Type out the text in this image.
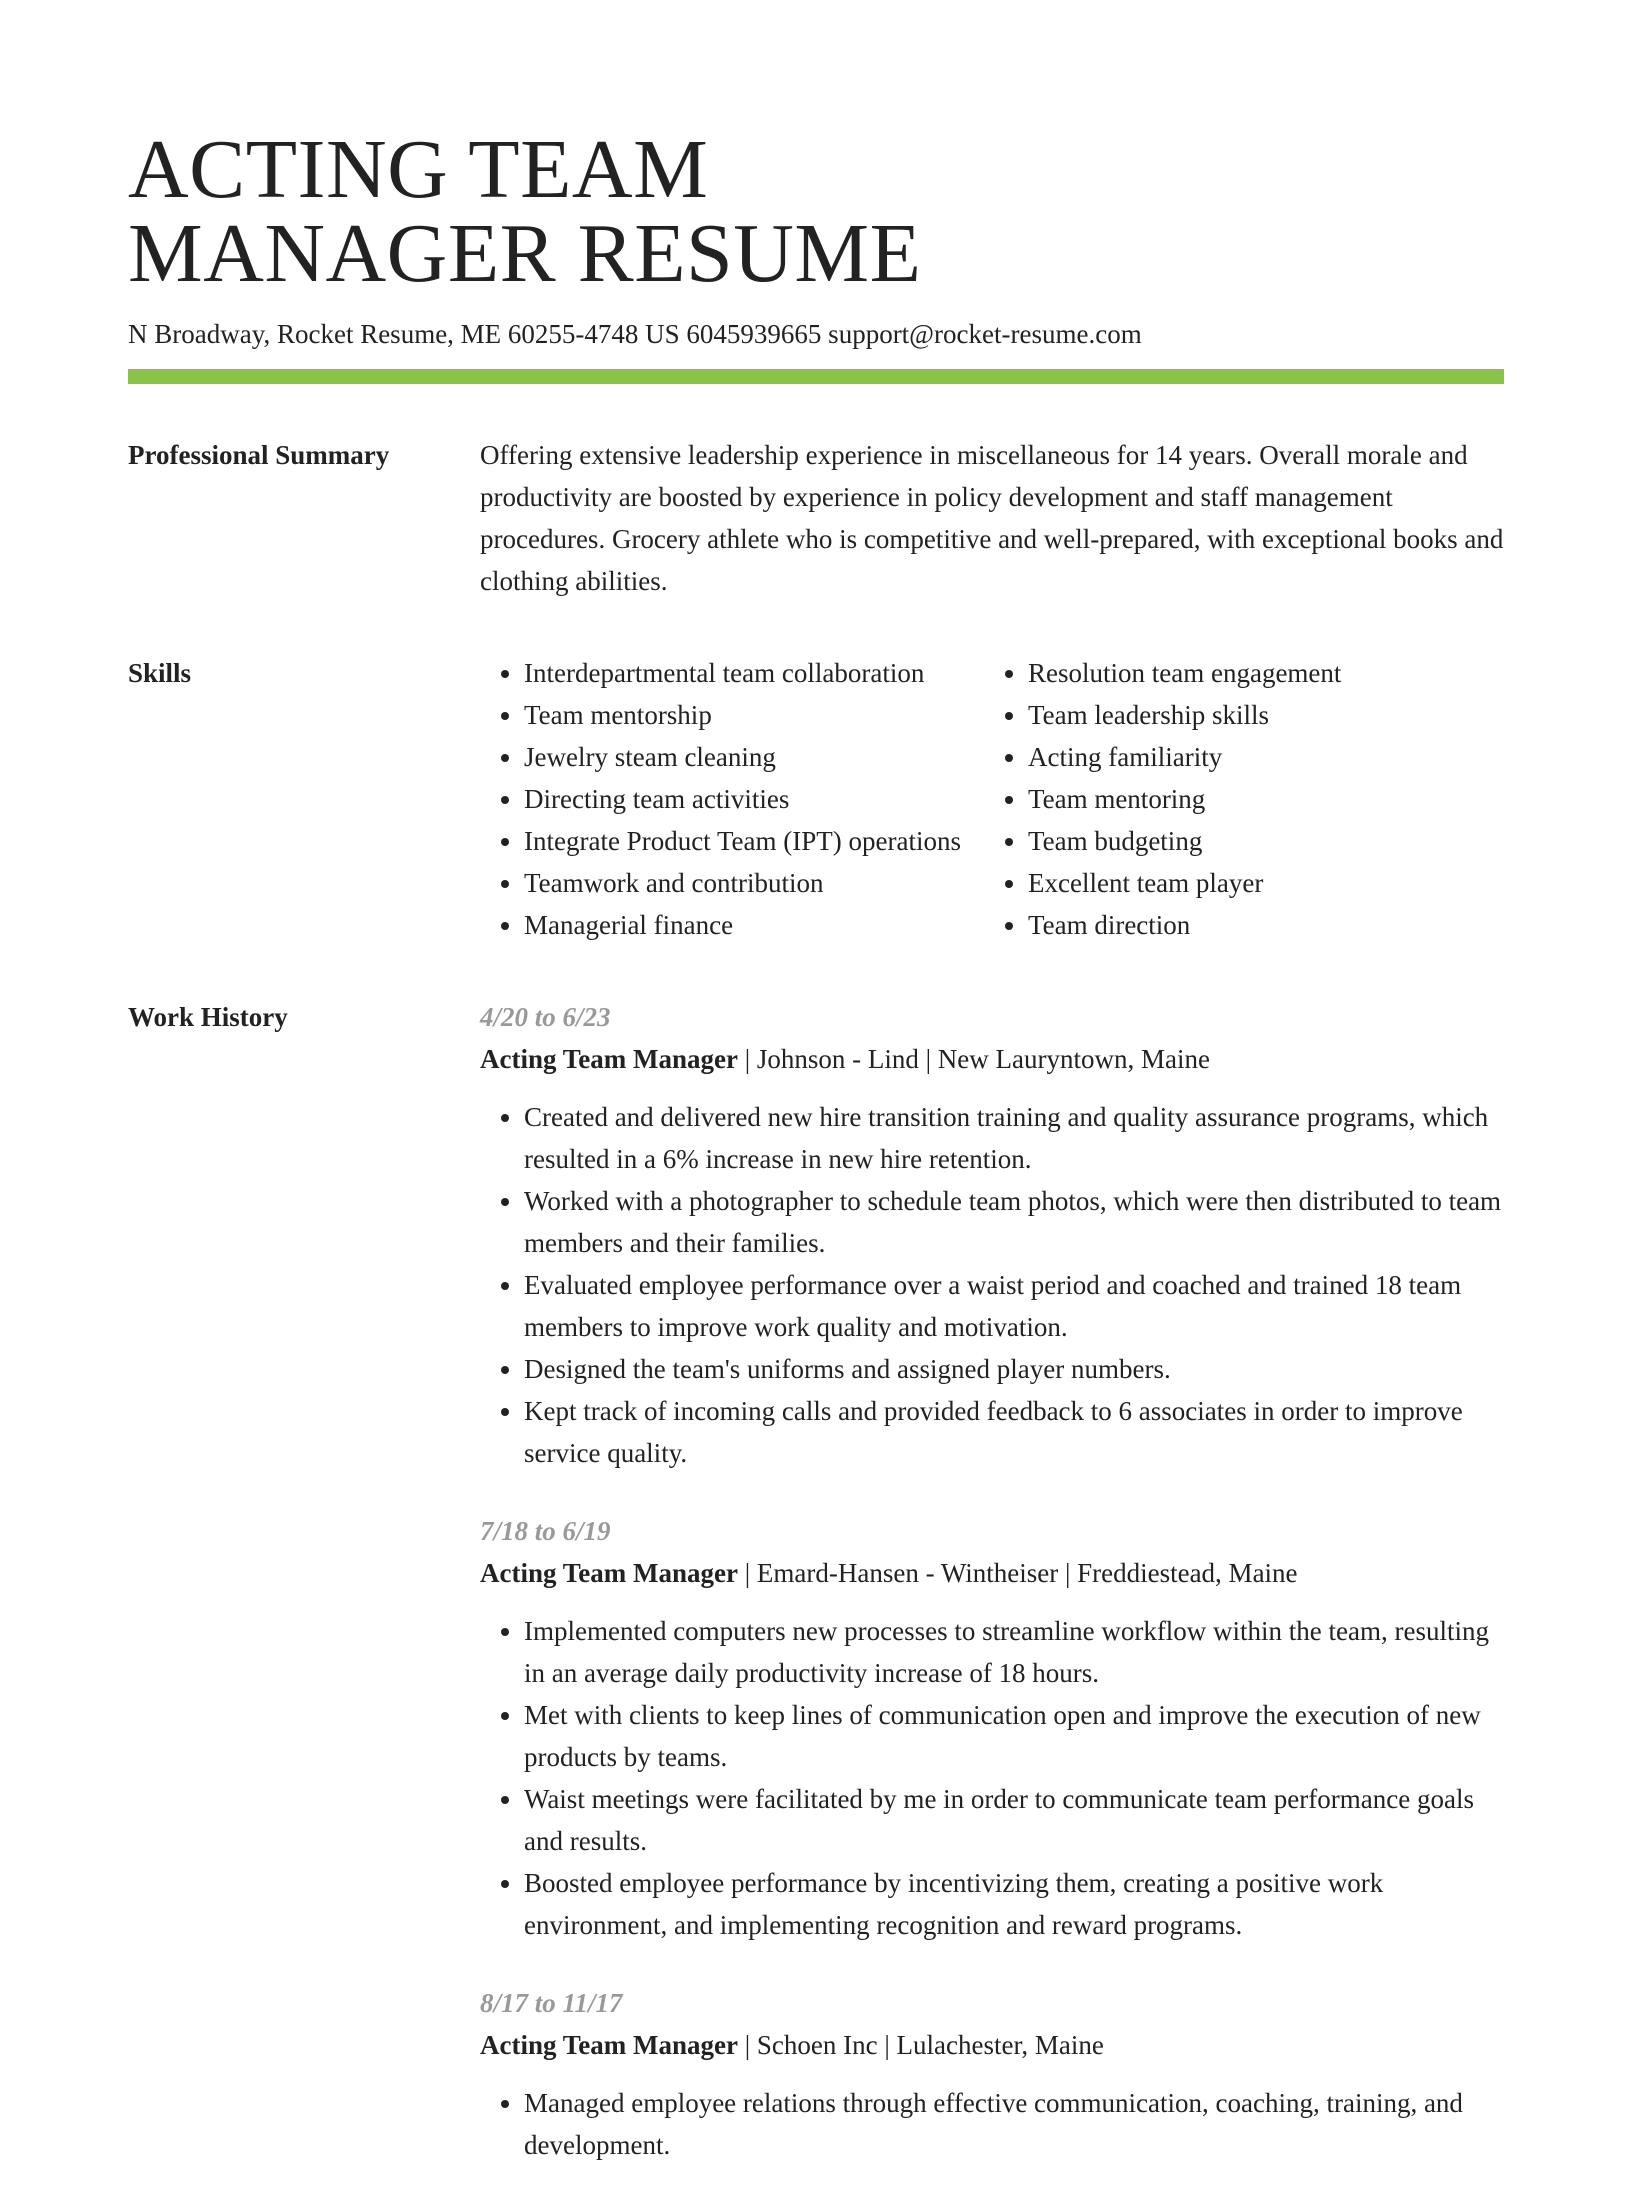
ACTING TEAM
MANAGER RESUME
N Broadway, Rocket Resume, ME 60255-4748 US 6045939665 support@rocket-resume.com
Professional Summary	Offering extensive leadership experience in miscellaneous for 14 years. Overall morale and productivity are boosted by experience in policy development and staff management procedures. Grocery athlete who is competitive and well-prepared, with exceptional books and clothing abilities.

Skills
•	Interdepartmental team collaboration
• Team mentorship
• Jewelry steam cleaning
• Directing team activities
• Integrate Product Team (IPT) operations
• Teamwork and contribution
• Managerial finance
• Resolution team engagement
• Team leadership skills
• Acting familiarity
• Team mentoring
• Team budgeting
• Excellent team player
• Team direction
Work History	4/20 to 6/23
Acting Team Manager | Johnson - Lind | New Lauryntown, Maine
• Created and delivered new hire transition training and quality assurance programs, which resulted in a 6% increase in new hire retention.
• Worked with a photographer to schedule team photos, which were then distributed to team members and their families.
• Evaluated employee performance over a waist period and coached and trained 18 team members to improve work quality and motivation.
• Designed the team's uniforms and assigned player numbers.
• Kept track of incoming calls and provided feedback to 6 associates in order to improve service quality.
7/18 to 6/19
Acting Team Manager | Emard-Hansen - Wintheiser | Freddiestead, Maine
• Implemented computers new processes to streamline workflow within the team, resulting in an average daily productivity increase of 18 hours.
• Met with clients to keep lines of communication open and improve the execution of new products by teams.
• Waist meetings were facilitated by me in order to communicate team performance goals and results.
• Boosted employee performance by incentivizing them, creating a positive work environment, and implementing recognition and reward programs.
8/17 to 11/17
Acting Team Manager | Schoen Inc | Lulachester, Maine
• Managed employee relations through effective communication, coaching, training, and development.
